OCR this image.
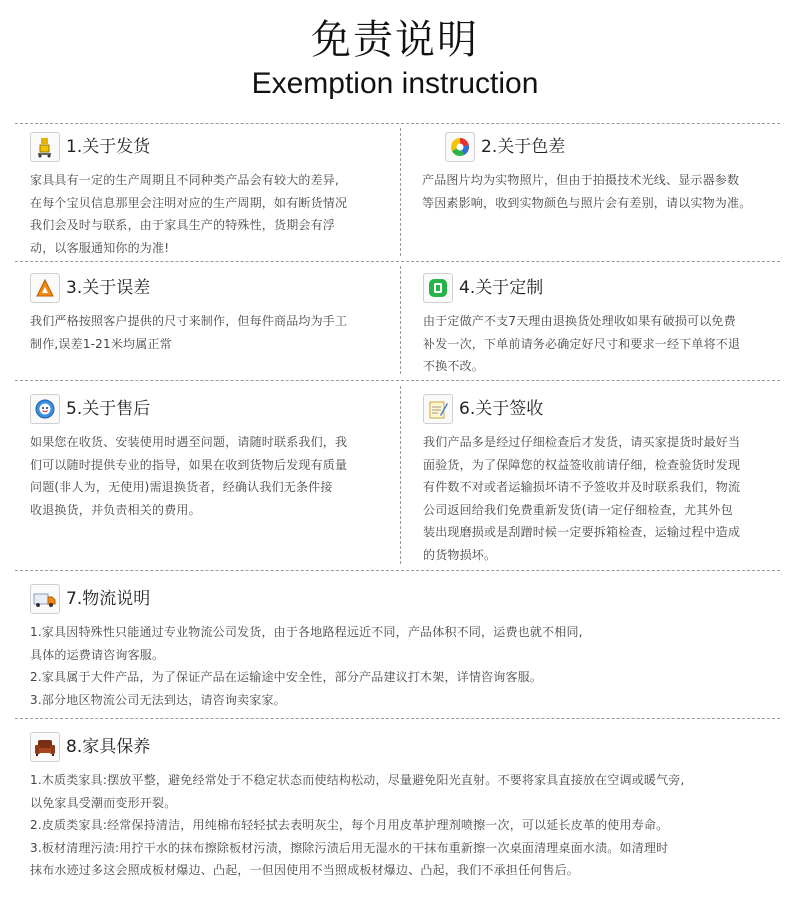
免责说明
Exemption instruction
1.关于发货

家具具有一定的生产周期且不同种类产品会有较大的差异,

在每个宝贝信息那里会注明对应的生产周期，如有断货情况

我们会及时与联系，由于家具生产的特殊性，货期会有浮

动，以客服通知你的为准!

2.关于色差

产品图片均为实物照片，但由于拍摄技术光线、显示器参数

等因素影响，收到实物颜色与照片会有差别，请以实物为准。

3.关于误差

我们严格按照客户提供的尺寸来制作，但每件商品均为手工

制作,误差1-21米均属正常

4.关于定制

由于定做产不支7天理由退换货处理收如果有破损可以免费

补发一次，下单前请务必确定好尺寸和要求一经下单将不退

不换不改。

5.关于售后

如果您在收货、安装使用时遇至问题，请随时联系我们，我

们可以随时提供专业的指导，如果在收到货物后发现有质量

问题(非人为，无使用)需退换货者，经确认我们无条件接

收退换货，并负责相关的费用。

6.关于签收

我们产品多是经过仔细检查后才发货，请买家提货时最好当

面验货，为了保障您的权益签收前请仔细，检查验货时发现

有件数不对或者运输损坏请不予签收并及时联系我们，物流

公司返回给我们免费重新发货(请一定仔细检查，尤其外包

装出现磨损或是刮蹭时候一定要拆箱检查，运输过程中造成

的货物损坏。

7.物流说明

1.家具因特殊性只能通过专业物流公司发货，由于各地路程远近不同，产品体积不同，运费也就不相同,

具体的运费请咨询客服。

2.家具属于大件产品，为了保证产品在运输途中安全性，部分产品建议打木架，详情咨询客服。

3.部分地区物流公司无法到达，请咨询卖家家。

8.家具保养

1.木质类家具:摆放平整，避免经常处于不稳定状态而使结构松动，尽量避免阳光直射。不要将家具直接放在空调或暖气旁,

以免家具受潮而变形开裂。

2.皮质类家具:经常保持清洁，用纯棉布轻轻拭去表明灰尘，每个月用皮革护理剂喷擦一次，可以延长皮革的使用寿命。

3.板材清理污渍:用拧干水的抹布擦除板材污渍，擦除污渍后用无湿水的干抹布重新擦一次桌面清理桌面水渍。如清理时

抹布水迹过多这会照成板材爆边、凸起，一但因使用不当照成板材爆边、凸起，我们不承担任何售后。
